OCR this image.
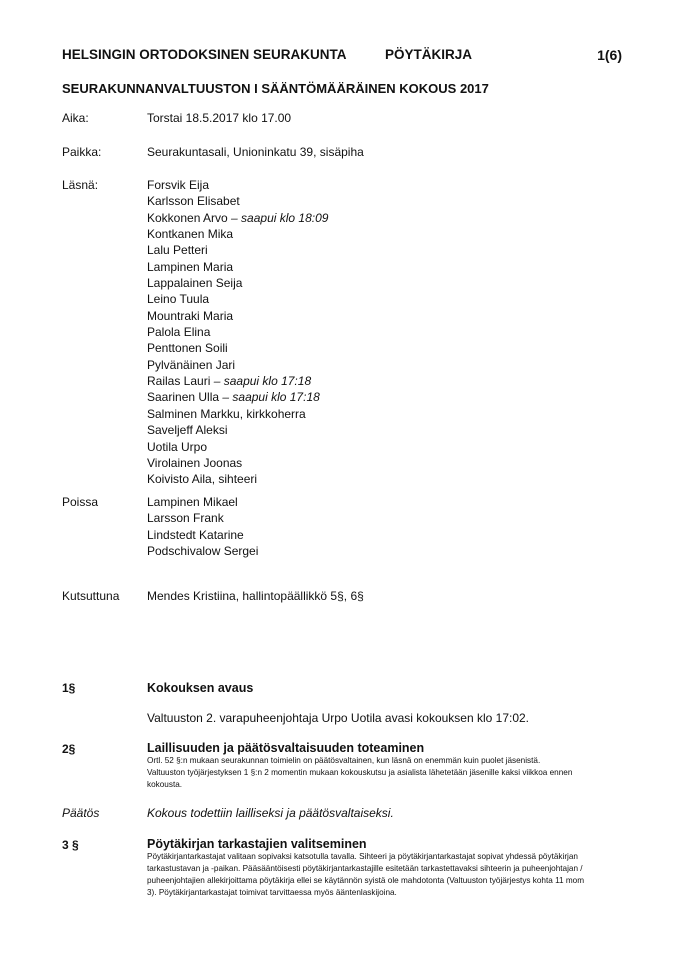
HELSINGIN ORTODOKSINEN SEURAKUNTA	PÖYTÄKIRJA	1(6)
SEURAKUNNANVALTUUSTON I SÄÄNTÖMÄÄRÄINEN KOKOUS 2017
Aika:	Torstai 18.5.2017 klo 17.00
Paikka:	Seurakuntasali, Unioninkatu 39, sisäpiha
Läsnä:	Forsvik Eija
Karlsson Elisabet
Kokkonen Arvo – saapui klo 18:09
Kontkanen Mika
Lalu Petteri
Lampinen Maria
Lappalainen Seija
Leino Tuula
Mountraki Maria
Palola Elina
Penttonen Soili
Pylvänäinen Jari
Railas Lauri – saapui klo 17:18
Saarinen Ulla – saapui klo 17:18
Salminen Markku, kirkkoherra
Saveljeff Aleksi
Uotila Urpo
Virolainen Joonas
Koivisto Aila, sihteeri
Poissa	Lampinen Mikael
Larsson Frank
Lindstedt Katarine
Podschivalow Sergei
Kutsuttuna Mendes Kristiina, hallintopäällikkö 5§, 6§
1§	Kokouksen avaus
Valtuuston 2. varapuheenjohtaja Urpo Uotila avasi kokouksen klo 17:02.
2§	Laillisuuden ja päätösvaltaisuuden toteaminen

Ortl. 52 §:n mukaan seurakunnan toimielin on päätösvaltainen, kun läsnä on enemmän kuin puolet jäsenistä.

Valtuuston työjärjestyksen 1 §:n 2 momentin mukaan kokouskutsu ja asialista lähetetään jäsenille kaksi viikkoa ennen

kokousta.

Päätös	Kokous todettiin lailliseksi ja päätösvaltaiseksi.
3 §	Pöytäkirjan tarkastajien valitseminen

Pöytäkirjantarkastajat valitaan sopivaksi katsotulla tavalla. Sihteeri ja pöytäkirjantarkastajat sopivat yhdessä pöytäkirjan

tarkastustavan ja -paikan. Pääsääntöisesti pöytäkirjantarkastajille esitetään tarkastettavaksi sihteerin ja puheenjohtajan /

puheenjohtajien allekirjoittama pöytäkirja ellei se käytännön syistä ole mahdotonta (Valtuuston työjärjestys kohta 11 mom

3). Pöytäkirjantarkastajat toimivat tarvittaessa myös ääntenlaskijoina.
